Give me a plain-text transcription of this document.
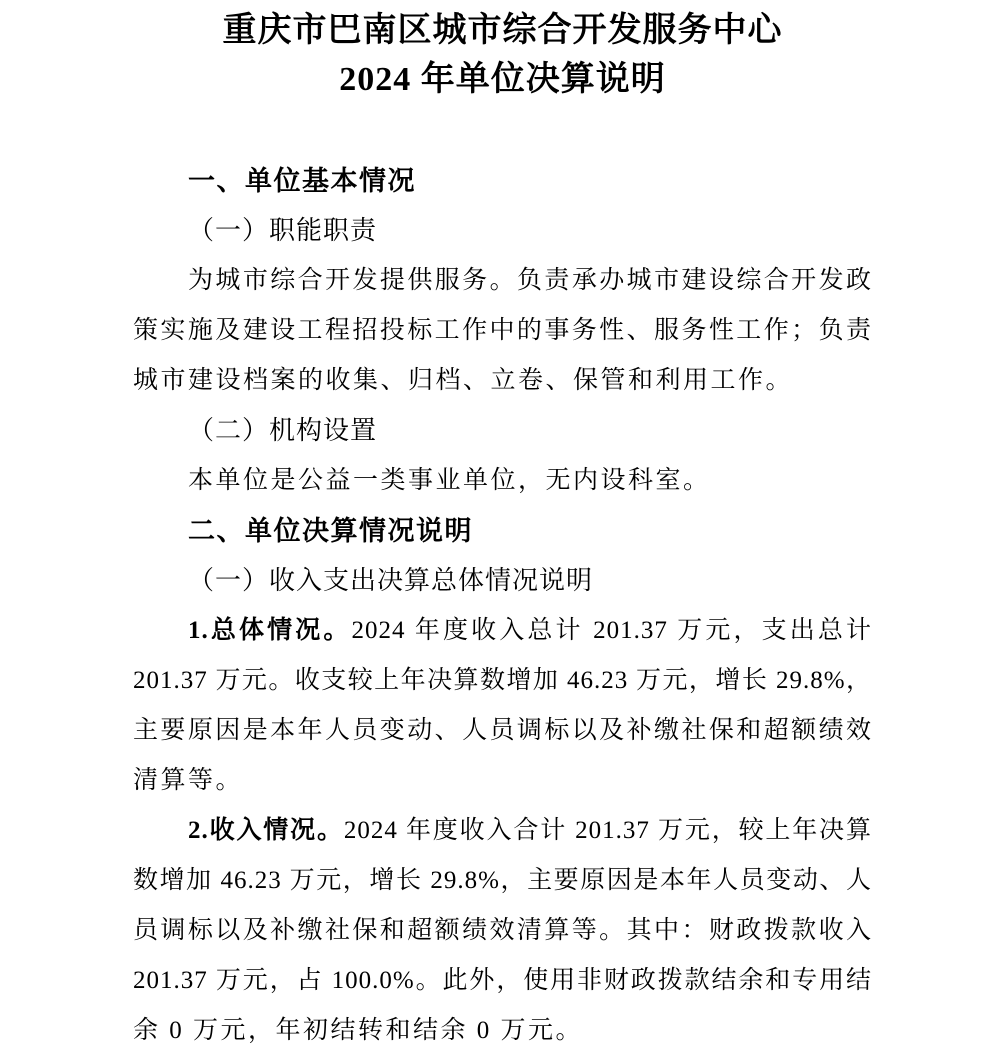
重庆市巴南区城市综合开发服务中心
2024 年单位决算说明
一、单位基本情况
（一）职能职责
为城市综合开发提供服务。负责承办城市建设综合开发政
策实施及建设工程招投标工作中的事务性、服务性工作；负责
城市建设档案的收集、归档、立卷、保管和利用工作。
（二）机构设置
本单位是公益一类事业单位，无内设科室。
二、单位决算情况说明
（一）收入支出决算总体情况说明
1.总体情况。2024 年度收入总计 201.37 万元，支出总计
201.37 万元。收支较上年决算数增加 46.23 万元，增长 29.8%，
主要原因是本年人员变动、人员调标以及补缴社保和超额绩效
清算等。
2.收入情况。2024 年度收入合计 201.37 万元，较上年决算
数增加 46.23 万元，增长 29.8%，主要原因是本年人员变动、人
员调标以及补缴社保和超额绩效清算等。其中：财政拨款收入
201.37 万元，占 100.0%。此外，使用非财政拨款结余和专用结
余 0 万元，年初结转和结余 0 万元。
